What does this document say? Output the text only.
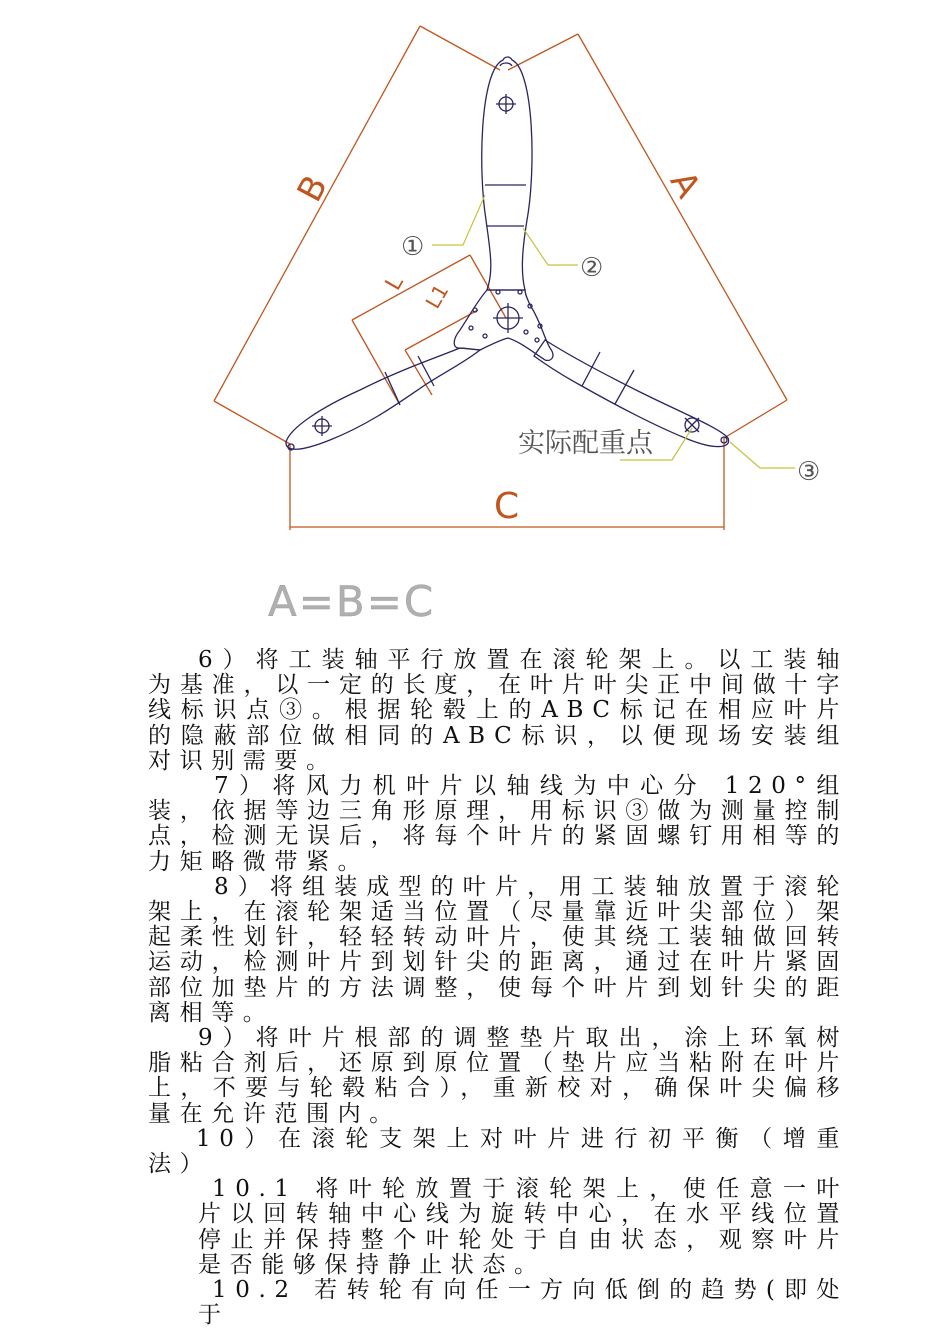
B	A
C
L L1
①
②
③
实际配重点
A=B=C

6）将工装轴平行放置在滚轮架上。以工装轴为基准，以一定的长度，在叶片叶尖正中间做十字线标识点③。根据轮毂上的ABC标记在相应叶片的隐蔽部位做相同的ABC标识，以便现场安装组对识别需要。

7）将风力机叶片以轴线为中心分 120°组装，依据等边三角形原理，用标识③做为测量控制点，检测无误后，将每个叶片的紧固螺钉用相等的力矩略微带紧。

8）将组装成型的叶片，用工装轴放置于滚轮架上，在滚轮架适当位置（尽量靠近叶尖部位）架起柔性划针，轻轻转动叶片，使其绕工装轴做回转运动，检测叶片到划针尖的距离，通过在叶片紧固部位加垫片的方法调整，使每个叶片到划针尖的距离相等。

9）将叶片根部的调整垫片取出，涂上环氧树脂粘合剂后，还原到原位置（垫片应当粘附在叶片上，不要与轮毂粘合），重新校对，确保叶尖偏移量在允许范围内。

10）在滚轮支架上对叶片进行初平衡（增重法）

10.1 将叶轮放置于滚轮架上，使任意一叶片以回转轴中心线为旋转中心，在水平线位置停止并保持整个叶轮处于自由状态，观察叶片是否能够保持静止状态。

10.2 若转轮有向任一方向低倒的趋势(即处于
